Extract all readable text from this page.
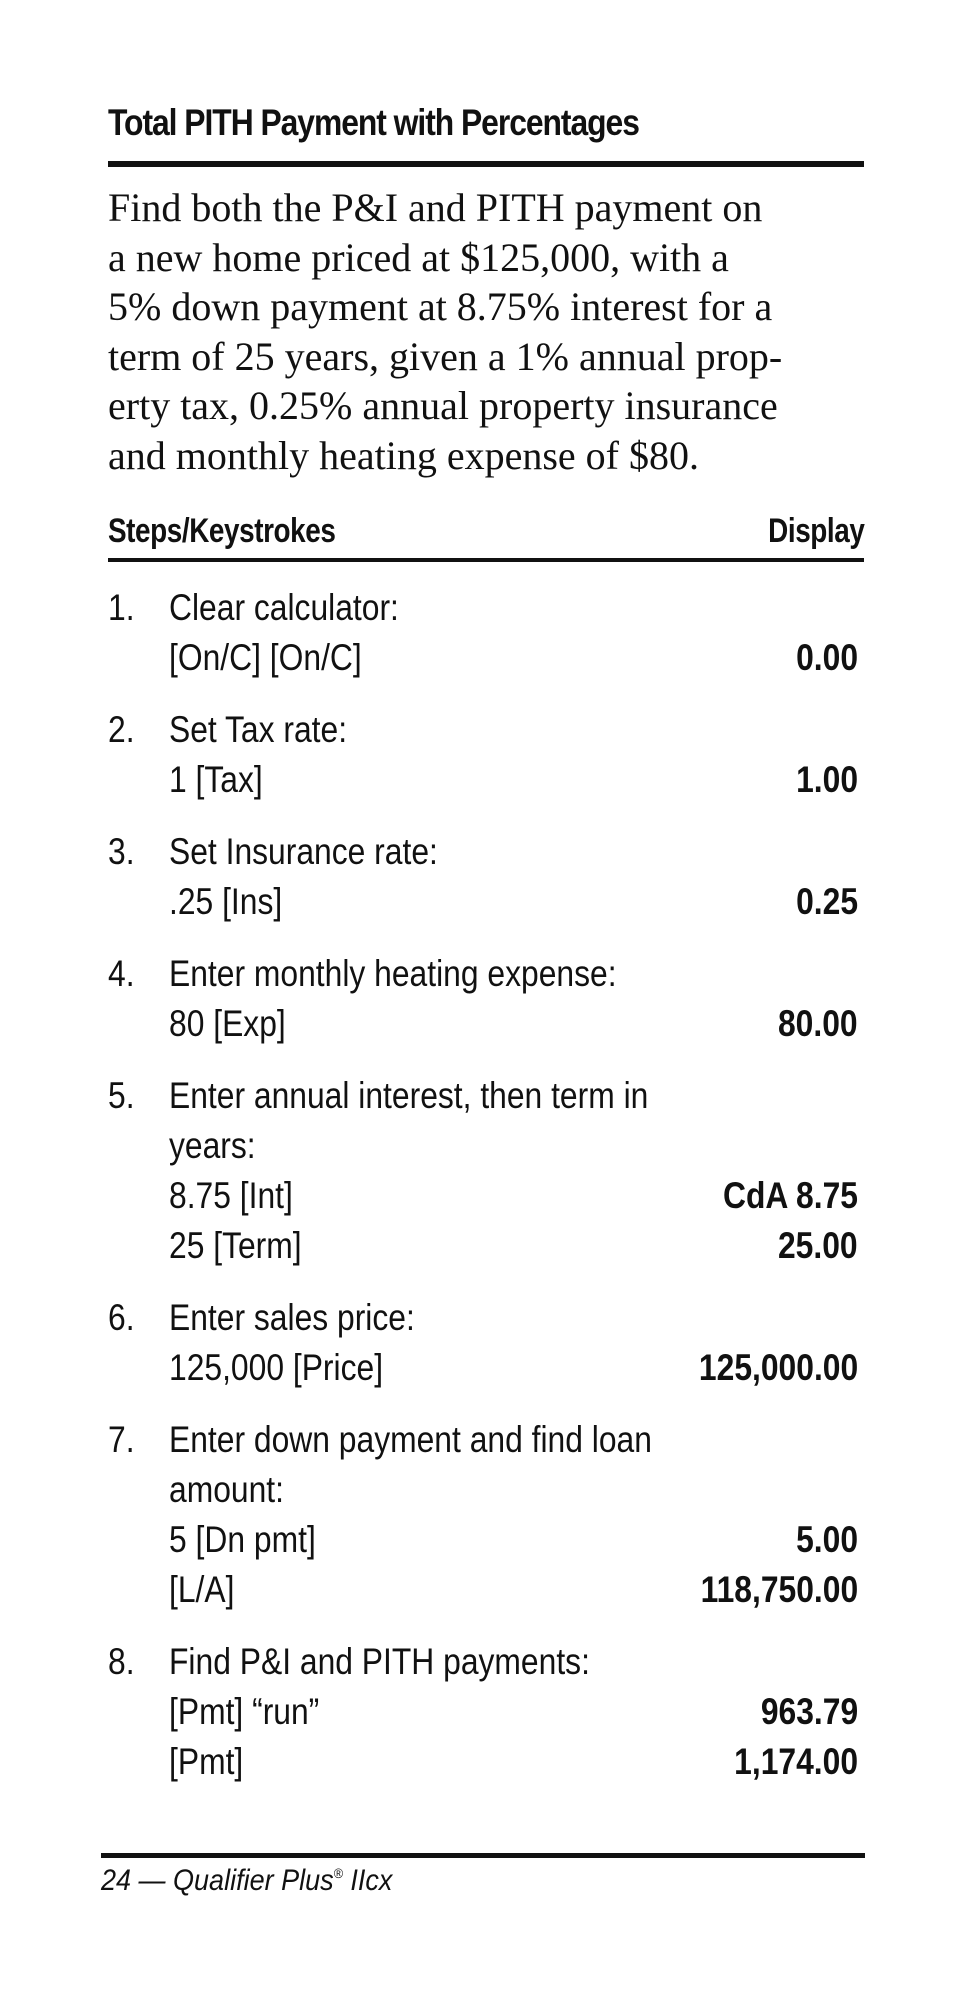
Total PITH Payment with Percentages
Find both the P&I and PITH payment on
a new home priced at $125,000, with a
5% down payment at 8.75% interest for a
term of 25 years, given a 1% annual prop-
erty tax, 0.25% annual property insurance
and monthly heating expense of $80.
Steps/Keystrokes	Display
1. Clear calculator:
[On/C] [On/C]	0.00
2. Set Tax rate:
1 [Tax]	1.00
3. Set Insurance rate:
.25 [Ins]	0.25
4. Enter monthly heating expense:
80 [Exp]	80.00
5. Enter annual interest, then term in
years:
8.75 [Int]	CdA 8.75
25 [Term]	25.00
6. Enter sales price:
125,000 [Price]	125,000.00
7. Enter down payment and find loan
amount:
5 [Dn pmt]	5.00
[L/A]	118,750.00
8. Find P&I and PITH payments:
[Pmt] “run”	963.79
[Pmt]	1,174.00
24 — Qualifier Plus® IIcx
